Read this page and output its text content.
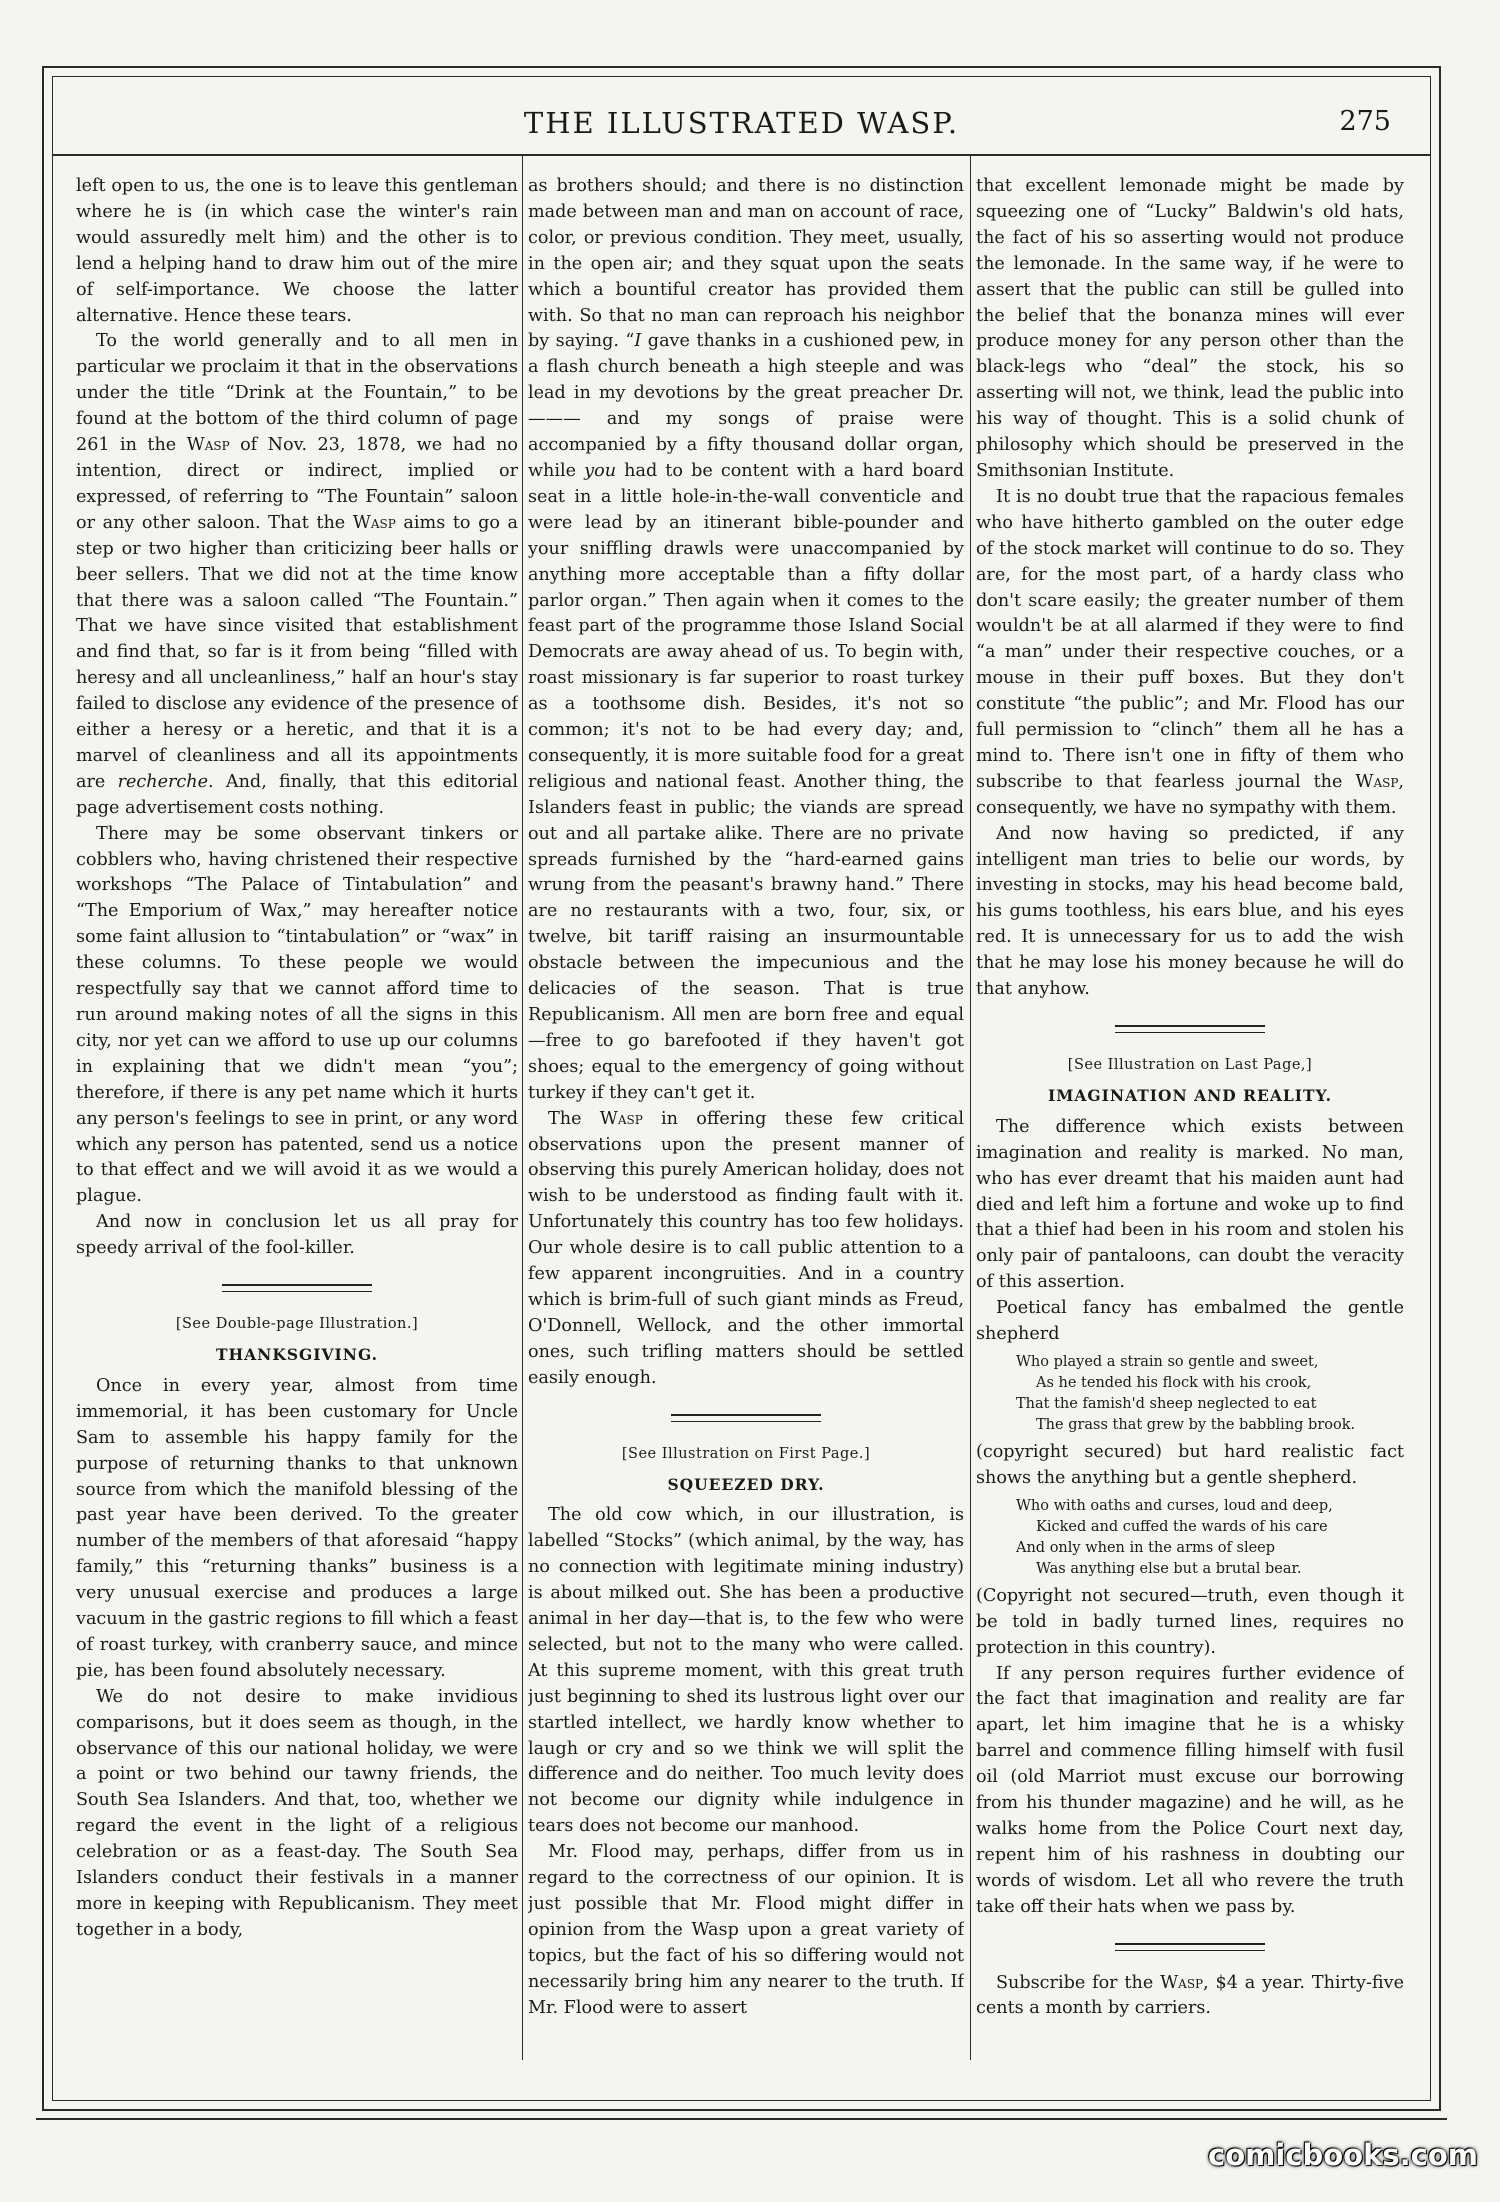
THE ILLUSTRATED WASP.	275

left open to us, the one is to leave this gentleman where he is (in which case the winter's rain would assuredly melt him) and the other is to lend a helping hand to draw him out of the mire of self-importance. We choose the latter alternative. Hence these tears.

To the world generally and to all men in particular we proclaim it that in the observations under the title “Drink at the Fountain,” to be found at the bottom of the third column of page 261 in the Wasp of Nov. 23, 1878, we had no intention, direct or indirect, implied or expressed, of referring to “The Fountain” saloon or any other saloon. That the Wasp aims to go a step or two higher than criticizing beer halls or beer sellers. That we did not at the time know that there was a saloon called “The Fountain.” That we have since visited that establishment and find that, so far is it from being “filled with heresy and all uncleanliness,” half an hour's stay failed to disclose any evidence of the presence of either a heresy or a heretic, and that it is a marvel of cleanliness and all its appointments are recherche. And, finally, that this editorial page advertisement costs nothing.

There may be some observant tinkers or cobblers who, having christened their respective workshops “The Palace of Tintabulation” and “The Emporium of Wax,” may hereafter notice some faint allusion to “tintabulation” or “wax” in these columns. To these people we would respectfully say that we cannot afford time to run around making notes of all the signs in this city, nor yet can we afford to use up our columns in explaining that we didn't mean “you”; therefore, if there is any pet name which it hurts any person's feelings to see in print, or any word which any person has patented, send us a notice to that effect and we will avoid it as we would a plague.

And now in conclusion let us all pray for speedy arrival of the fool-killer.

[See Double-page Illustration.]
THANKSGIVING.

Once in every year, almost from time immemorial, it has been customary for Uncle Sam to assemble his happy family for the purpose of returning thanks to that unknown source from which the manifold blessing of the past year have been derived. To the greater number of the members of that aforesaid “happy family,” this “returning thanks” business is a very unusual exercise and produces a large vacuum in the gastric regions to fill which a feast of roast turkey, with cranberry sauce, and mince pie, has been found absolutely necessary.

We do not desire to make invidious comparisons, but it does seem as though, in the observance of this our national holiday, we were a point or two behind our tawny friends, the South Sea Islanders. And that, too, whether we regard the event in the light of a religious celebration or as a feast-day. The South Sea Islanders conduct their festivals in a manner more in keeping with Republicanism. They meet together in a body,

as brothers should; and there is no distinction made between man and man on account of race, color, or previous condition. They meet, usually, in the open air; and they squat upon the seats which a bountiful creator has provided them with. So that no man can reproach his neighbor by saying. “I gave thanks in a cushioned pew, in a flash church beneath a high steeple and was lead in my devotions by the great preacher Dr. ——— and my songs of praise were accompanied by a fifty thousand dollar organ, while you had to be content with a hard board seat in a little hole-in-the-wall conventicle and were lead by an itinerant bible-pounder and your sniffling drawls were unaccompanied by anything more acceptable than a fifty dollar parlor organ.” Then again when it comes to the feast part of the programme those Island Social Democrats are away ahead of us. To begin with, roast missionary is far superior to roast turkey as a toothsome dish. Besides, it's not so common; it's not to be had every day; and, consequently, it is more suitable food for a great religious and national feast. Another thing, the Islanders feast in public; the viands are spread out and all partake alike. There are no private spreads furnished by the “hard-earned gains wrung from the peasant's brawny hand.” There are no restaurants with a two, four, six, or twelve, bit tariff raising an insurmountable obstacle between the impecunious and the delicacies of the season. That is true Republicanism. All men are born free and equal—free to go barefooted if they haven't got shoes; equal to the emergency of going without turkey if they can't get it.

The Wasp in offering these few critical observations upon the present manner of observing this purely American holiday, does not wish to be understood as finding fault with it. Unfortunately this country has too few holidays. Our whole desire is to call public attention to a few apparent incongruities. And in a country which is brim-full of such giant minds as Freud, O'Donnell, Wellock, and the other immortal ones, such trifling matters should be settled easily enough.

[See Illustration on First Page.]
SQUEEZED DRY.

The old cow which, in our illustration, is labelled “Stocks” (which animal, by the way, has no connection with legitimate mining industry) is about milked out. She has been a productive animal in her day—that is, to the few who were selected, but not to the many who were called. At this supreme moment, with this great truth just beginning to shed its lustrous light over our startled intellect, we hardly know whether to laugh or cry and so we think we will split the difference and do neither. Too much levity does not become our dignity while indulgence in tears does not become our manhood.

Mr. Flood may, perhaps, differ from us in regard to the correctness of our opinion. It is just possible that Mr. Flood might differ in opinion from the Wasp upon a great variety of topics, but the fact of his so differing would not necessarily bring him any nearer to the truth. If Mr. Flood were to assert

that excellent lemonade might be made by squeezing one of “Lucky” Baldwin's old hats, the fact of his so asserting would not produce the lemonade. In the same way, if he were to assert that the public can still be gulled into the belief that the bonanza mines will ever produce money for any person other than the black-legs who “deal” the stock, his so asserting will not, we think, lead the public into his way of thought. This is a solid chunk of philosophy which should be preserved in the Smithsonian Institute.

It is no doubt true that the rapacious females who have hitherto gambled on the outer edge of the stock market will continue to do so. They are, for the most part, of a hardy class who don't scare easily; the greater number of them wouldn't be at all alarmed if they were to find “a man” under their respective couches, or a mouse in their puff boxes. But they don't constitute “the public”; and Mr. Flood has our full permission to “clinch” them all he has a mind to. There isn't one in fifty of them who subscribe to that fearless journal the Wasp, consequently, we have no sympathy with them.

And now having so predicted, if any intelligent man tries to belie our words, by investing in stocks, may his head become bald, his gums toothless, his ears blue, and his eyes red. It is unnecessary for us to add the wish that he may lose his money because he will do that anyhow.

[See Illustration on Last Page,]
IMAGINATION AND REALITY.

The difference which exists between imagination and reality is marked. No man, who has ever dreamt that his maiden aunt had died and left him a fortune and woke up to find that a thief had been in his room and stolen his only pair of pantaloons, can doubt the veracity of this assertion.

Poetical fancy has embalmed the gentle shepherd

Who played a strain so gentle and sweet,
As he tended his flock with his crook,
That the famish'd sheep neglected to eat
The grass that grew by the babbling brook.

(copyright secured) but hard realistic fact shows the anything but a gentle shepherd.

Who with oaths and curses, loud and deep,
Kicked and cuffed the wards of his care
And only when in the arms of sleep
Was anything else but a brutal bear.

(Copyright not secured—truth, even though it be told in badly turned lines, requires no protection in this country).

If any person requires further evidence of the fact that imagination and reality are far apart, let him imagine that he is a whisky barrel and commence filling himself with fusil oil (old Marriot must excuse our borrowing from his thunder magazine) and he will, as he walks home from the Police Court next day, repent him of his rashness in doubting our words of wisdom. Let all who revere the truth take off their hats when we pass by.

Subscribe for the Wasp, $4 a year. Thirty-five cents a month by carriers.

comicbooks.com
